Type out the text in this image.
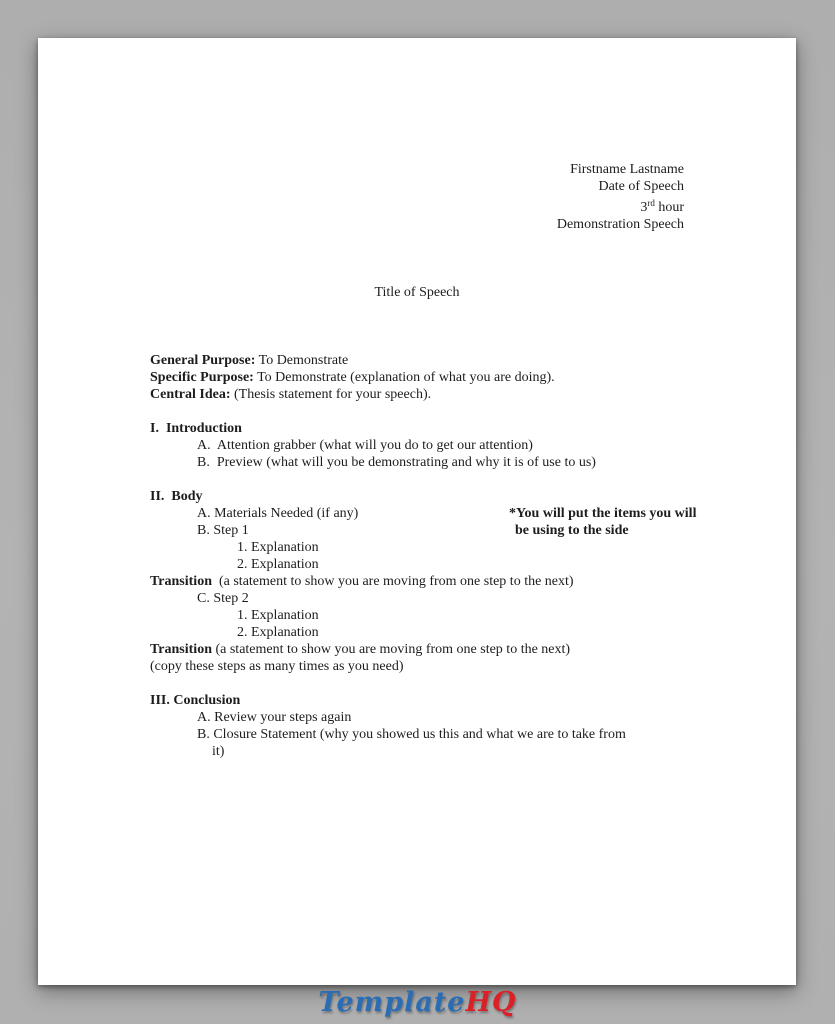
Firstname Lastname
Date of Speech
3rd hour
Demonstration Speech

Title of Speech

General Purpose: To Demonstrate
Specific Purpose: To Demonstrate (explanation of what you are doing).
Central Idea: (Thesis statement for your speech).
I.  Introduction
A.  Attention grabber (what will you do to get our attention)
B.  Preview (what will you be demonstrating and why it is of use to us)
II.  Body
A. Materials Needed (if any)	*You will put the items you will
be using to the side
B. Step 1
1. Explanation
2. Explanation
Transition  (a statement to show you are moving from one step to the next)
C. Step 2
1. Explanation
2. Explanation
Transition (a statement to show you are moving from one step to the next)
(copy these steps as many times as you need)
III. Conclusion
A. Review your steps again
B. Closure Statement (why you showed us this and what we are to take from
it)

TemplateHQ
